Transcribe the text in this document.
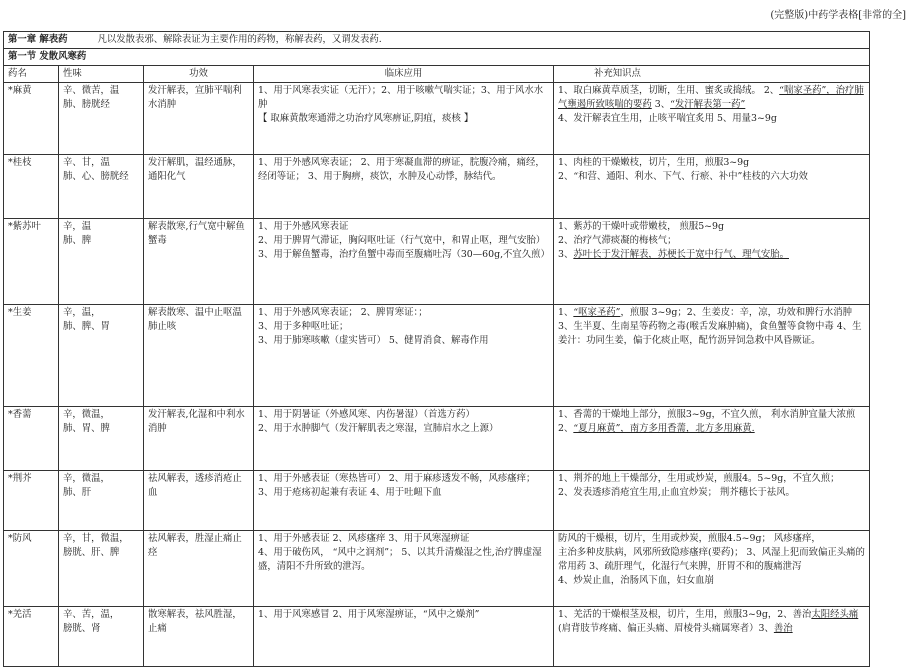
(完整版)中药学表格[非常的全]
第一章 解表药 凡以发散表邪、解除表证为主要作用的药物，称解表药，又谓发表药.				
第一节 发散风寒药				
药名	性味	功效	临床应用	补充知识点
*麻黄	辛、微苦，温
肺、膀胱经	发汗解表，宣肺平喘利水消肿	1、用于风寒表实证（无汗）；2、用于咳嗽气喘实证；3、用于风水水肿
【 取麻黄散寒通滞之功治疗风寒痹证,阴疽，痰核 】	1、取白麻黄草质茎，切断，生用、蜜炙或捣绒。 2、“喘家圣药”，治疗肺气壅遏所致咳喘的要药 3、“发汗解表第一药”
4、发汗解表宜生用，止咳平喘宜炙用 5、用量3~9g
*桂枝	辛、甘，温
肺、心、膀胱经	发汗解肌，温经通脉，通阳化气	1、用于外感风寒表证； 2、用于寒凝血滞的痹证，脘腹冷痛，痛经，经闭等证； 3、用于胸痹，痰饮，水肿及心动悸，脉结代。	1、肉桂的干燥嫩枝，切片，生用，煎服3~9g
2、“和营、通阳、利水、下气、行瘀、补中”桂枝的六大功效
*紫苏叶	辛，温
肺、脾	解表散寒,行气宽中解鱼蟹毒	1、用于外感风寒表证
2、用于脾胃气滞证，胸闷呕吐证（行气宽中，和胃止呕，理气安胎）
3、用于解鱼蟹毒，治疗鱼蟹中毒而至腹痛吐泻（30—60g,不宜久煎）	1、紫苏的干燥叶或带嫩枝， 煎服5~9g
2、治疗气滞痰凝的梅核气；
3、苏叶长于发汗解表，苏梗长于宽中行气、理气安胎。
*生姜	辛，温，
肺、脾、胃	解表散寒、温中止呕温肺止咳	1、用于外感风寒表证； 2、脾胃寒证：；
3、用于多种呕吐证；
3、用于肺寒咳嗽（虚实皆可） 5、健胃消食、解毒作用	1、“呕家圣药”，煎服 3~9g；2、生姜皮：辛，凉，功效和脾行水消肿
3、生半夏、生南星等药物之毒(喉舌发麻肿痛)，食鱼蟹等食物中毒 4、生姜汁：功同生姜，偏于化痰止呕，配竹沥异饲急救中风昏厥证。
*香薷	辛，微温，
肺、胃、脾	发汗解表,化湿和中利水消肿	1、用于阴暑证（外感风寒、内伤暑湿）（首选方药）
2、用于水肿脚气（发汗解肌表之寒湿，宣肺启水之上源）	1、香薷的干燥地上部分，煎服3~9g，不宜久煎， 利水消肿宜量大浓煎
2、“夏月麻黄”，南方多用香薷，北方多用麻黄.
*荆芥	辛，微温，
肺、肝	祛风解表，透疹消疮止血	1、用于外感表证（寒热皆可） 2、用于麻疹透发不畅，风疹瘙痒；
3、用于疮疡初起兼有表证 4、用于吐衄下血	1、荆芥的地上干燥部分，生用或炒炭，煎服4。5~9g，不宜久煎；
2、发表透疹消疮宜生用,止血宜炒炭； 荆芥穗长于祛风。
*防风	辛，甘，微温，
膀胱、肝、脾	祛风解表，胜湿止痛止痉	1、用于外感表证 2、风疹瘙痒 3、用于风寒湿痹证
4、用于破伤风， “风中之润剂”； 5、以其升清燥湿之性,治疗脾虚湿盛，清阳不升所致的泄泻。	防风的干燥根，切片，生用或炒炭，煎服4.5~9g； 风疹瘙痒，
主治多种皮肤病，风邪所致隐疹瘙痒(要药)； 3、风湿上犯而致偏正头痛的常用药 3、疏肝理气，化湿行气来脾，肝胃不和的腹痛泄泻
4、炒炭止血，治肠风下血，妇女血崩
*羌活	辛、苦，温，
膀胱、肾	散寒解表，祛风胜湿，止痛	1、用于风寒感冒 2、用于风寒湿痹证，“风中之燥剂”	1、羌活的干燥根茎及根，切片，生用，煎服3~9g，2、善治太阳经头痛(肩背肢节疼痛、偏正头痛、眉棱骨头痛属寒者）3、善治
